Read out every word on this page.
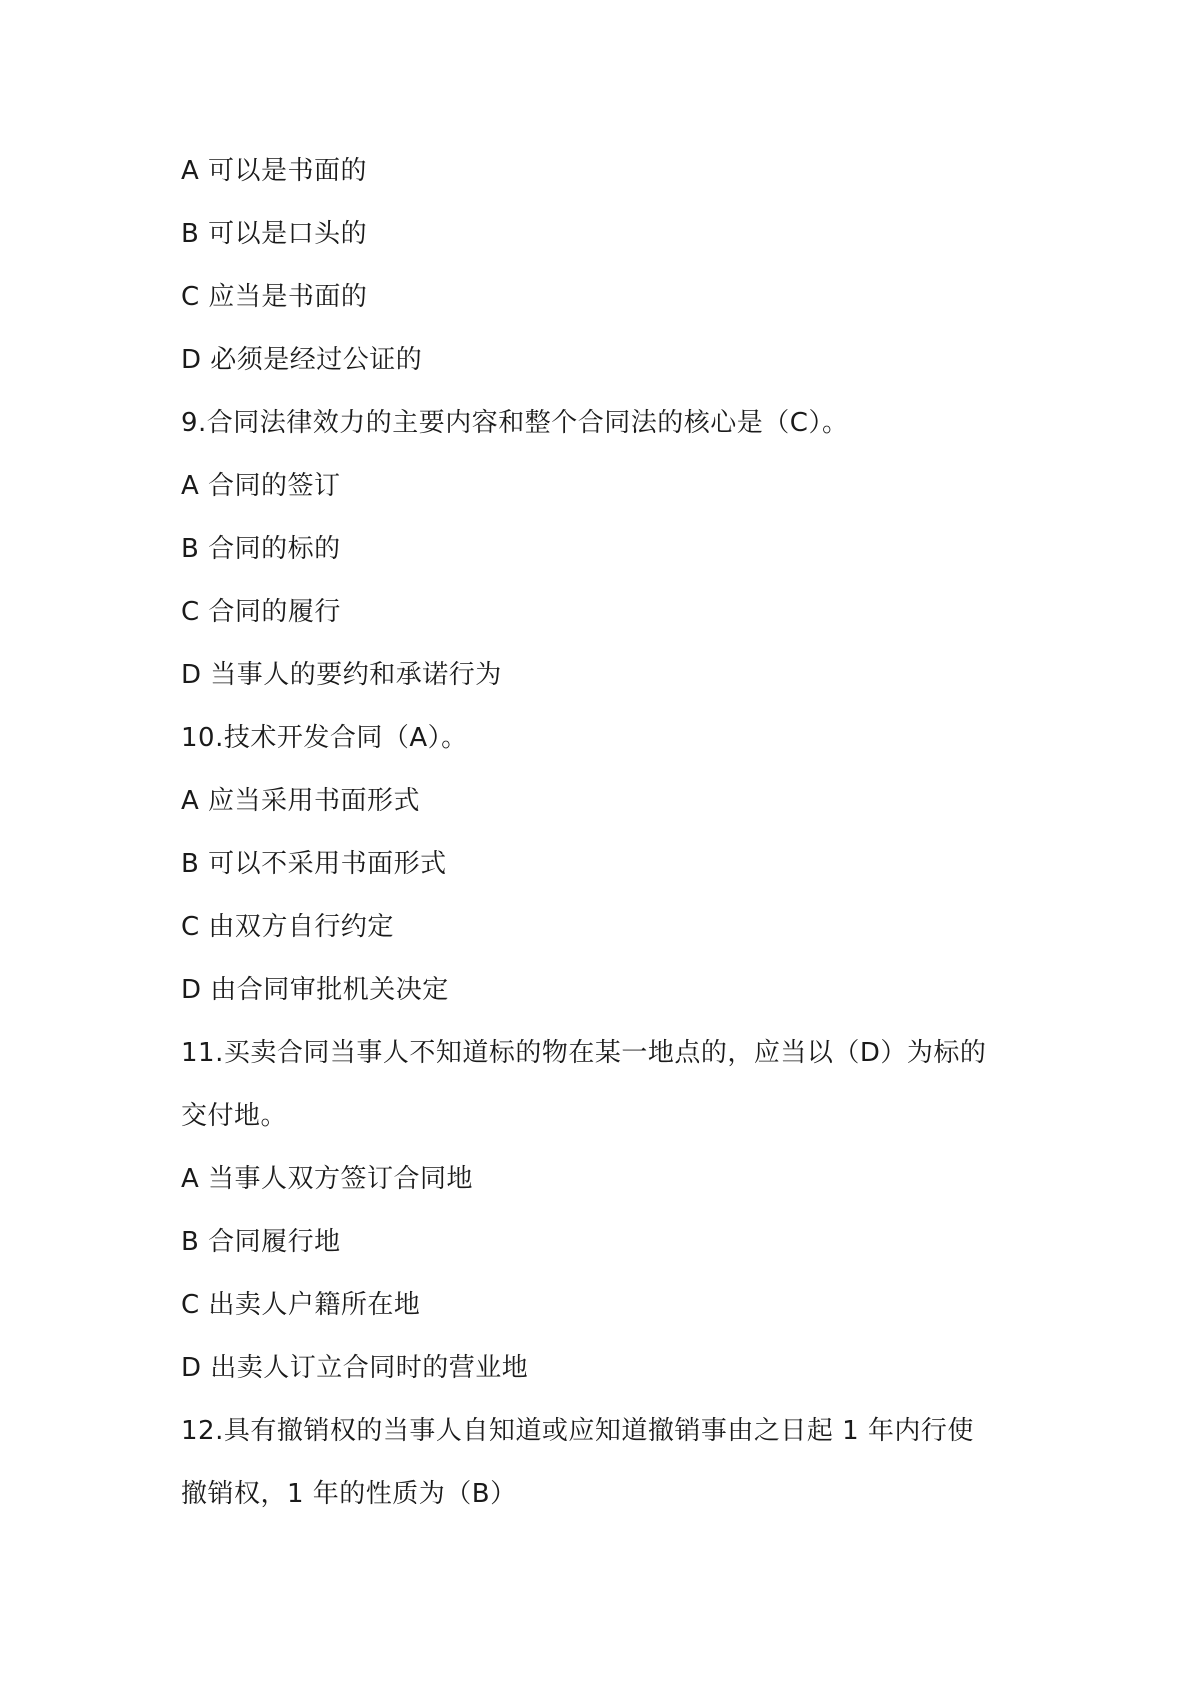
A 可以是书面的
B 可以是口头的
C 应当是书面的
D 必须是经过公证的
9.合同法律效力的主要内容和整个合同法的核心是（C）。
A 合同的签订
B 合同的标的
C 合同的履行
D 当事人的要约和承诺行为
10.技术开发合同（A）。
A 应当采用书面形式
B 可以不采用书面形式
C 由双方自行约定
D 由合同审批机关决定
11.买卖合同当事人不知道标的物在某一地点的，应当以（D）为标的
交付地。
A 当事人双方签订合同地
B 合同履行地
C 出卖人户籍所在地
D 出卖人订立合同时的营业地
12.具有撤销权的当事人自知道或应知道撤销事由之日起 1 年内行使
撤销权，1 年的性质为（B）
